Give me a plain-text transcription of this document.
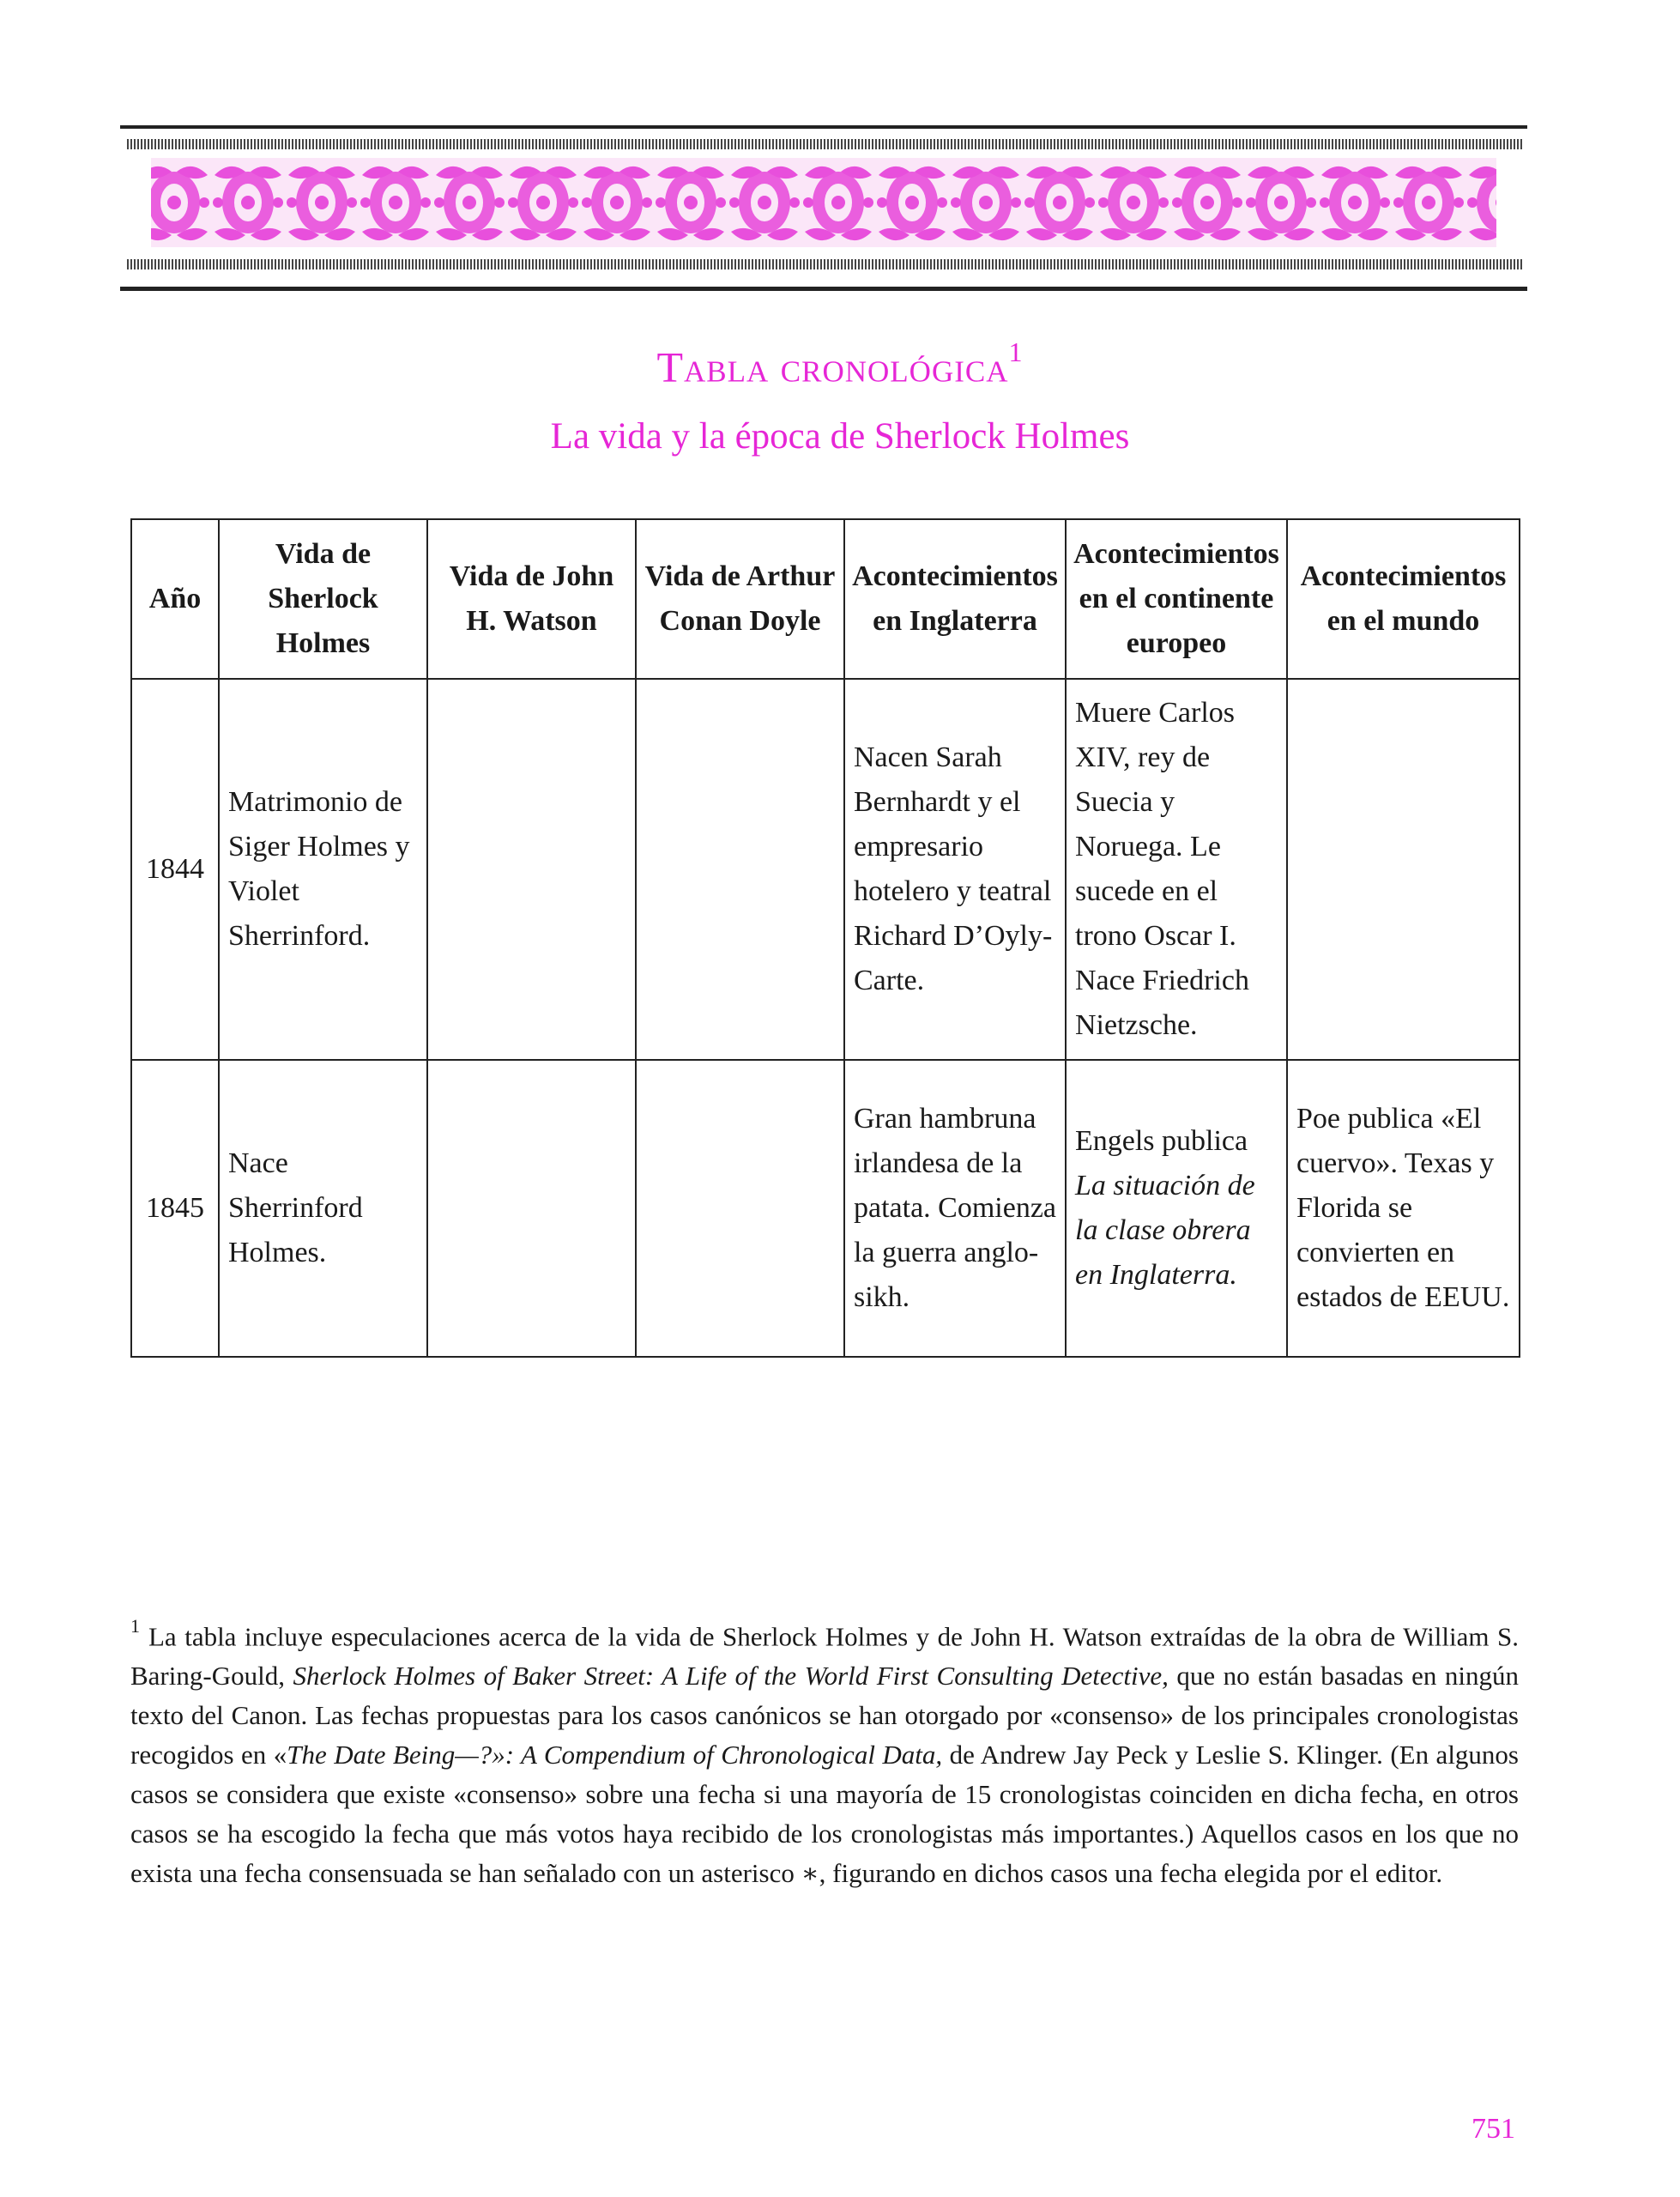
Tabla cronológica$^1$
La vida y la época de Sherlock Holmes
Año	Vida de Sherlock Holmes	Vida de John H. Watson	Vida de Arthur Conan Doyle	Acontecimientos en Inglaterra	Acontecimientos en el continente europeo	Acontecimientos en el mundo
1844	Matrimonio de Siger Holmes y Violet Sherrinford.			Nacen Sarah Bernhardt y el empresario hotelero y teatral Richard D’Oyly-Carte.	Muere Carlos XIV, rey de Suecia y Noruega. Le sucede en el trono Oscar I. Nace Friedrich Nietzsche.	
1845	Nace Sherrinford Holmes.			Gran hambruna irlandesa de la patata. Comienza la guerra anglo-sikh.	Engels publica La situación de la clase obrera en Inglaterra.	Poe publica «El cuervo». Texas y Florida se convierten en estados de EEUU.
$^1$ La tabla incluye especulaciones acerca de la vida de Sherlock Holmes y de John H. Watson extraídas de la obra de William S. Baring-Gould, Sherlock Holmes of Baker Street: A Life of the World First Consulting Detective, que no están basadas en ningún texto del Canon. Las fechas propuestas para los casos canónicos se han otorgado por «consenso» de los principales cronologistas recogidos en «The Date Being—?»: A Compendium of Chronological Data, de Andrew Jay Peck y Leslie S. Klinger. (En algunos casos se considera que existe «consenso» sobre una fecha si una mayoría de 15 cronologistas coinciden en dicha fecha, en otros casos se ha escogido la fecha que más votos haya recibido de los cronologistas más importantes.) Aquellos casos en los que no exista una fecha consensuada se han señalado con un asterisco ∗, figurando en dichos casos una fecha elegida por el editor.
751
